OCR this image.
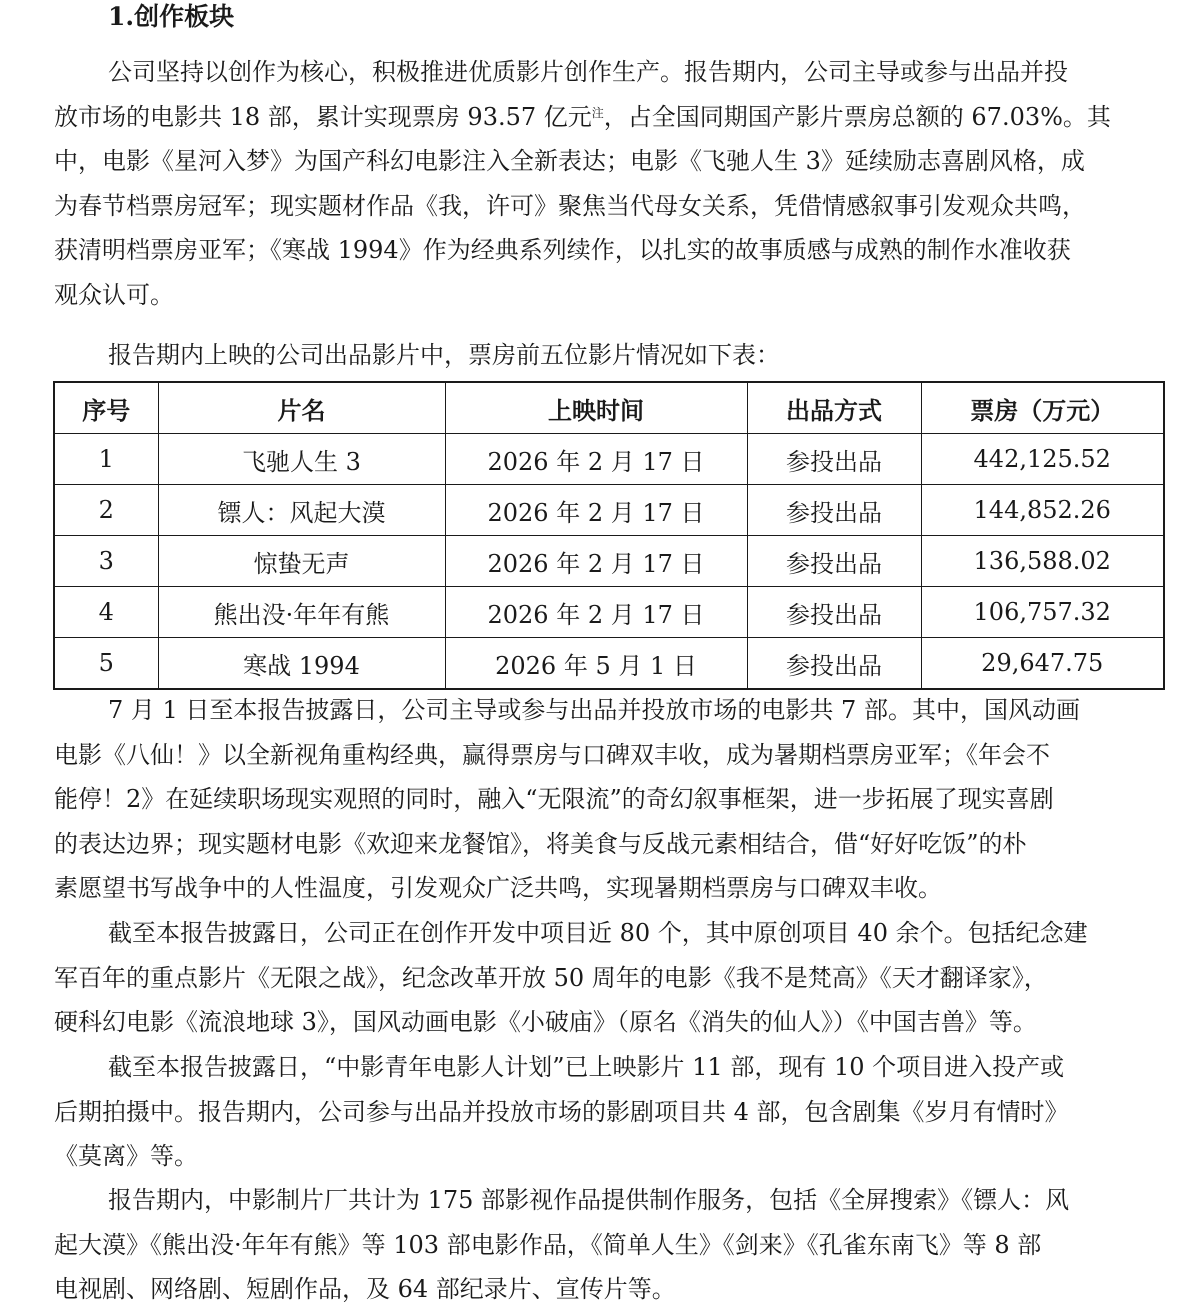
1.创作板块
公司坚持以创作为核心，积极推进优质影片创作生产。报告期内，公司主导或参与出品并投
放市场的电影共 18 部，累计实现票房 93.57 亿元$^注$，占全国同期国产影片票房总额的 67.03%。其
中，电影《星河入梦》为国产科幻电影注入全新表达；电影《飞驰人生 3》延续励志喜剧风格，成
为春节档票房冠军；现实题材作品《我，许可》聚焦当代母女关系，凭借情感叙事引发观众共鸣，
获清明档票房亚军；《寒战 1994》作为经典系列续作，以扎实的故事质感与成熟的制作水准收获
观众认可。
报告期内上映的公司出品影片中，票房前五位影片情况如下表：
序号	片名	上映时间	出品方式	票房（万元）
1	飞驰人生 3	2026 年 2 月 17 日	参投出品	442,125.52
2	镖人：风起大漠	2026 年 2 月 17 日	参投出品	144,852.26
3	惊蛰无声	2026 年 2 月 17 日	参投出品	136,588.02
4	熊出没·年年有熊	2026 年 2 月 17 日	参投出品	106,757.32
5	寒战 1994	2026 年 5 月 1 日	参投出品	29,647.75
7 月 1 日至本报告披露日，公司主导或参与出品并投放市场的电影共 7 部。其中，国风动画
电影《八仙！》以全新视角重构经典，赢得票房与口碑双丰收，成为暑期档票房亚军；《年会不
能停！2》在延续职场现实观照的同时，融入“无限流”的奇幻叙事框架，进一步拓展了现实喜剧
的表达边界；现实题材电影《欢迎来龙餐馆》，将美食与反战元素相结合，借“好好吃饭”的朴
素愿望书写战争中的人性温度，引发观众广泛共鸣，实现暑期档票房与口碑双丰收。
截至本报告披露日，公司正在创作开发中项目近 80 个，其中原创项目 40 余个。包括纪念建
军百年的重点影片《无限之战》，纪念改革开放 50 周年的电影《我不是梵高》《天才翻译家》，
硬科幻电影《流浪地球 3》，国风动画电影《小破庙》（原名《消失的仙人》）《中国吉兽》等。
截至本报告披露日，“中影青年电影人计划”已上映影片 11 部，现有 10 个项目进入投产或
后期拍摄中。报告期内，公司参与出品并投放市场的影剧项目共 4 部，包含剧集《岁月有情时》
《莫离》等。
报告期内，中影制片厂共计为 175 部影视作品提供制作服务，包括《全屏搜索》《镖人：风
起大漠》《熊出没·年年有熊》等 103 部电影作品，《简单人生》《剑来》《孔雀东南飞》等 8 部
电视剧、网络剧、短剧作品，及 64 部纪录片、宣传片等。
